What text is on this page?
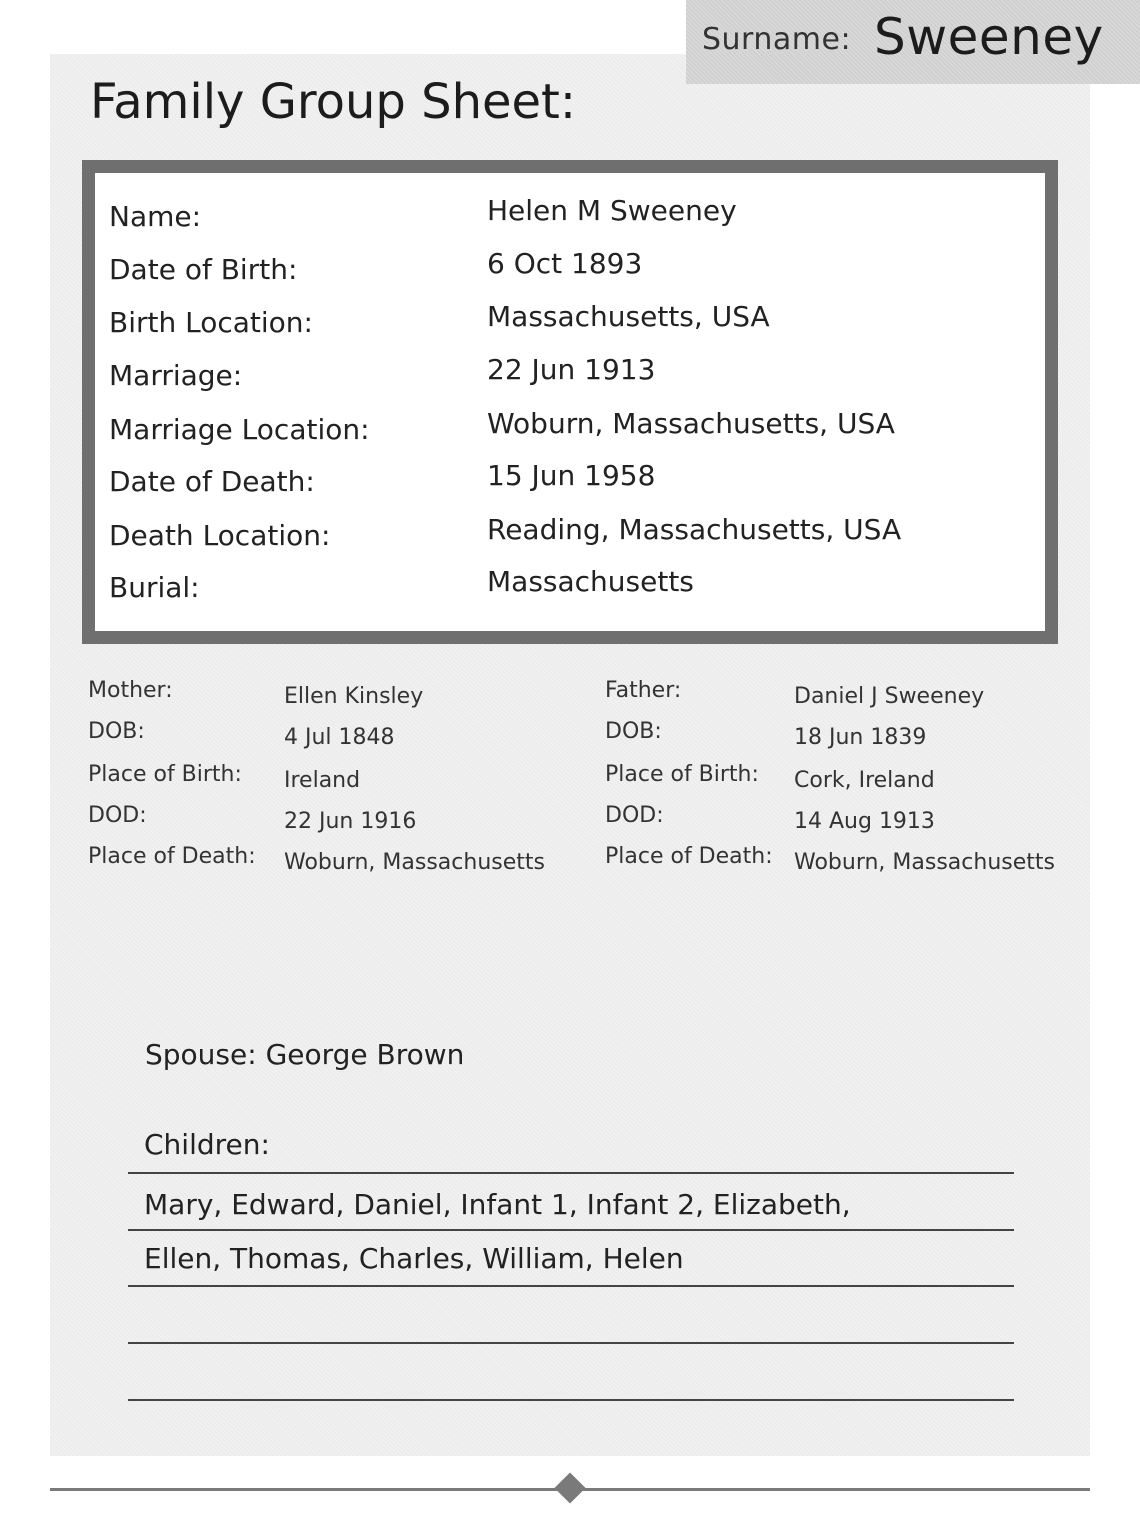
Surname: Sweeney
Family Group Sheet:
Name:	Helen M Sweeney
Date of Birth:	6 Oct 1893
Birth Location:	Massachusetts, USA
Marriage:	22 Jun 1913
Marriage Location:	Woburn, Massachusetts, USA
Date of Death:	15 Jun 1958
Death Location:	Reading, Massachusetts, USA
Burial:	Massachusetts
Mother:	Ellen Kinsley
DOB:	4 Jul 1848
Place of Birth: Ireland
DOD:	22 Jun 1916
Place of Death: Woburn, Massachusetts
Father:	Daniel J Sweeney
DOB:	18 Jun 1839
Place of Birth: Cork, Ireland
DOD:	14 Aug 1913
Place of Death: Woburn, Massachusetts
Spouse: George Brown
Children:
Mary, Edward, Daniel, Infant 1, Infant 2, Elizabeth,
Ellen, Thomas, Charles, William, Helen
